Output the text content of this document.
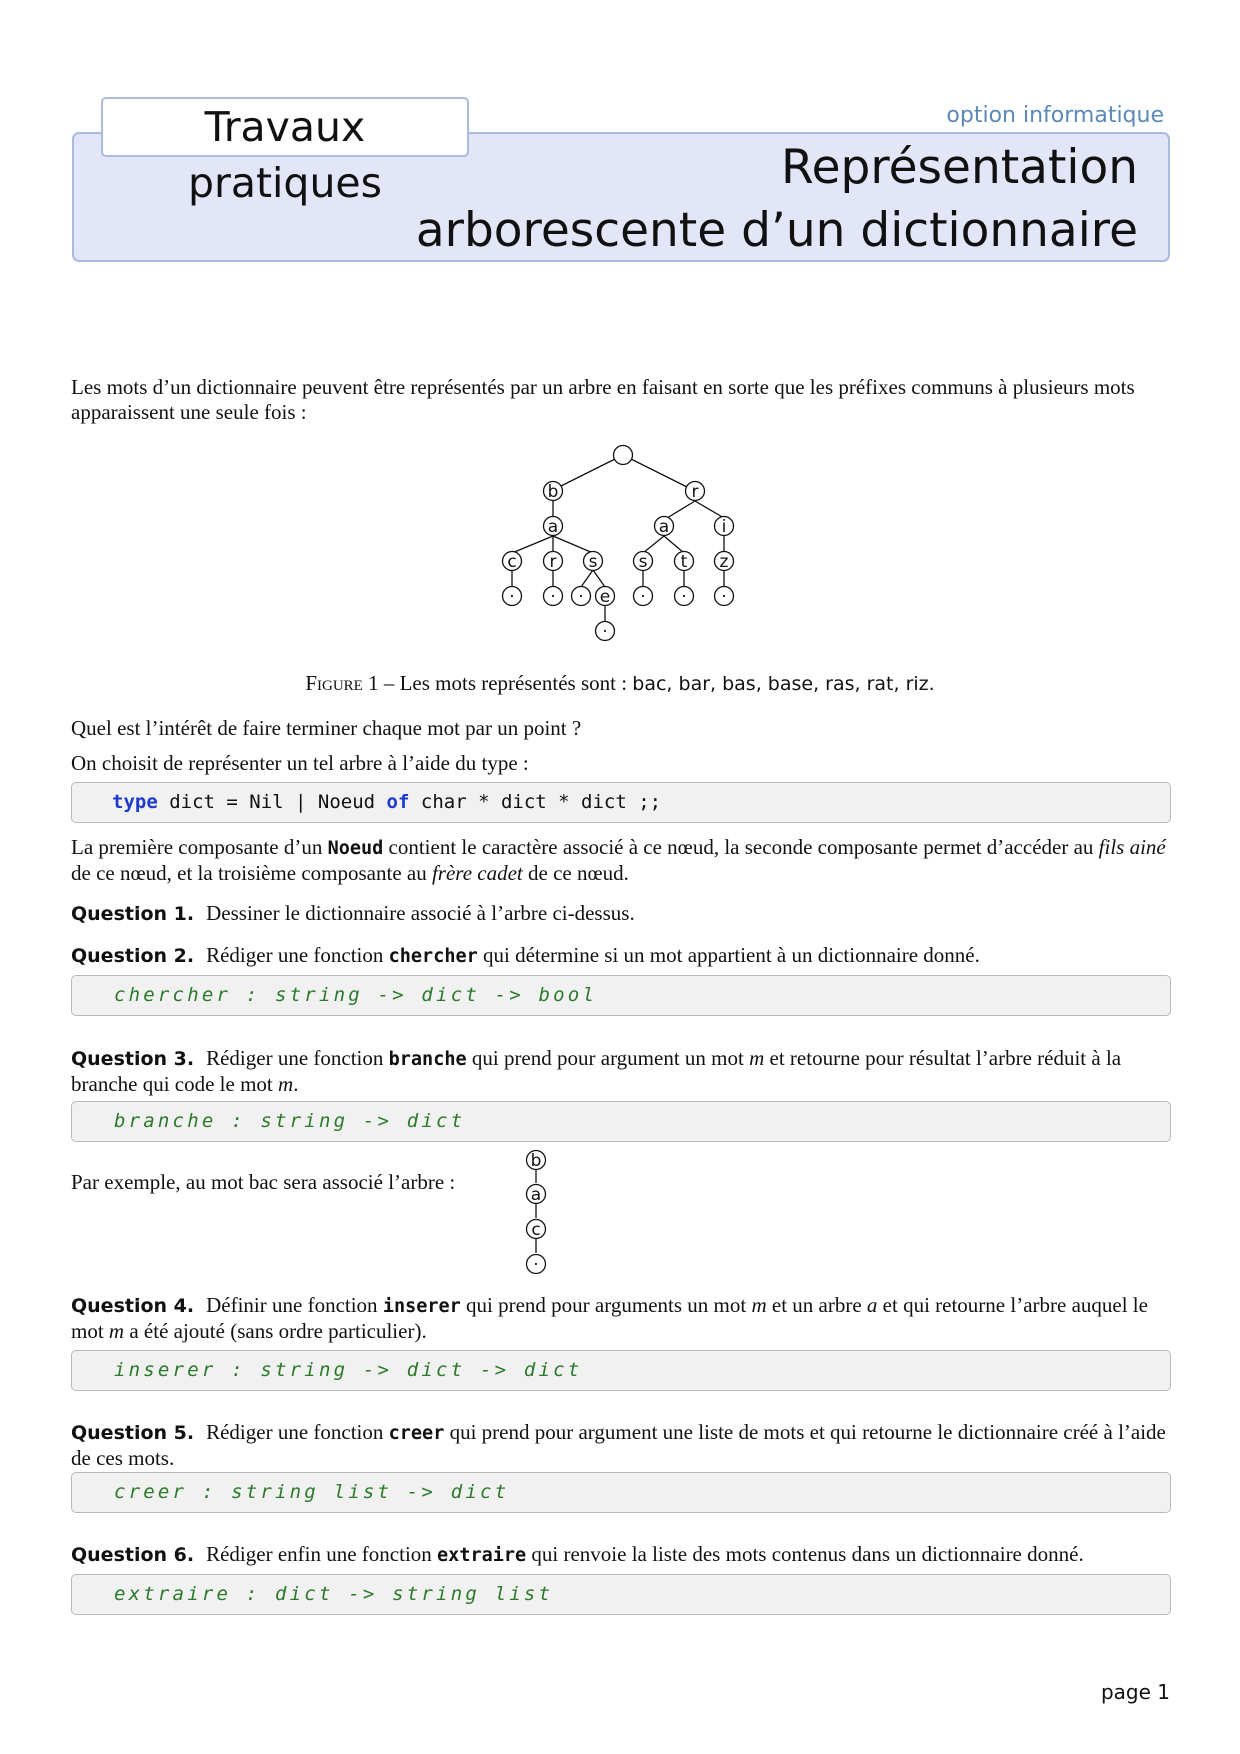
Travaux pratiques
option informatique
Représentation
arborescente d’un dictionnaire
Les mots d’un dictionnaire peuvent être représentés par un arbre en faisant en sorte que les préfixes communs à plusieurs mots apparaissent une seule fois :
b	r
a	a	i
c r s s t z
· · · e · · ·
·
Figure 1 – Les mots représentés sont : bac, bar, bas, base, ras, rat, riz.
Quel est l’intérêt de faire terminer chaque mot par un point ?
On choisit de représenter un tel arbre à l’aide du type :
type dict = Nil | Noeud of char * dict * dict ;;
La première composante d’un Noeud contient le caractère associé à ce nœud, la seconde composante permet d’accéder au fils ainé de ce nœud, et la troisième composante au frère cadet de ce nœud.
Question 1. Dessiner le dictionnaire associé à l’arbre ci-dessus.
Question 2. Rédiger une fonction chercher qui détermine si un mot appartient à un dictionnaire donné.
chercher : string -> dict -> bool
Question 3. Rédiger une fonction branche qui prend pour argument un mot m et retourne pour résultat l’arbre réduit à la branche qui code le mot m.
branche : string -> dict
Par exemple, au mot bac sera associé l’arbre :
b
a
c
·
Question 4. Définir une fonction inserer qui prend pour arguments un mot m et un arbre a et qui retourne l’arbre auquel le mot m a été ajouté (sans ordre particulier).
inserer : string -> dict -> dict
Question 5. Rédiger une fonction creer qui prend pour argument une liste de mots et qui retourne le dictionnaire créé à l’aide de ces mots.
creer : string list -> dict
Question 6. Rédiger enfin une fonction extraire qui renvoie la liste des mots contenus dans un dictionnaire donné.
extraire : dict -> string list
page 1
